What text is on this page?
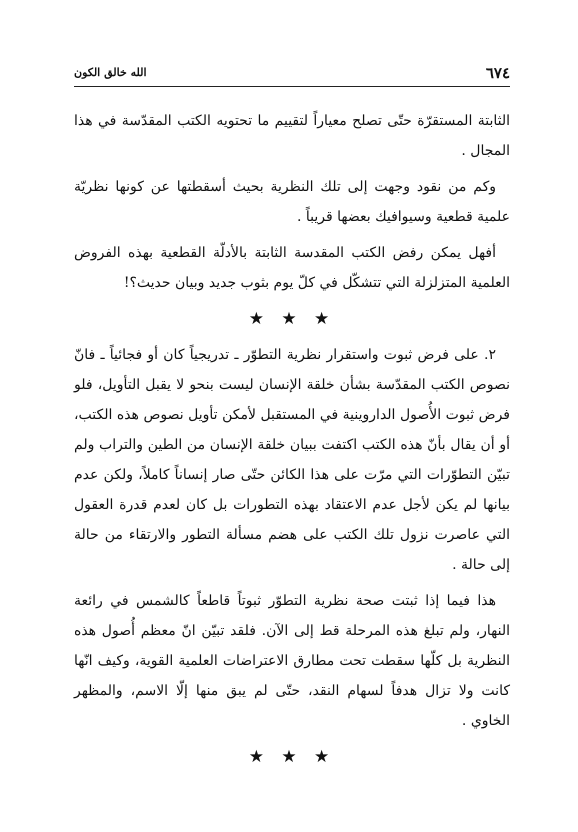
٦٧٤
الله خالق الكون

الثابتة المستقرّة حتّى تصلح معياراً لتقييم ما تحتويه الكتب المقدّسة في هذا المجال .

وكم من نقود وجهت إلى تلك النظرية بحيث أسقطتها عن كونها نظريّة علمية قطعية وسيوافيك بعضها قريباً .

أفهل يمكن رفض الكتب المقدسة الثابتة بالأدلّة القطعية بهذه الفروض العلمية المتزلزلة التي تتشكّل في كلّ يوم بثوب جديد وبيان حديث؟!

★ ★ ★

٢. على فرض ثبوت واستقرار نظرية التطوّر ـ تدريجياً كان أو فجائياً ـ فانّ نصوص الكتب المقدّسة بشأن خلقة الإنسان ليست بنحو لا يقبل التأويل، فلو فرض ثبوت الأُصول الداروينية في المستقبل لأمكن تأويل نصوص هذه الكتب، أو أن يقال بأنّ هذه الكتب اكتفت ببيان خلقة الإنسان من الطين والتراب ولم تبيّن التطوّرات التي مرّت على هذا الكائن حتّى صار إنساناً كاملاً، ولكن عدم بيانها لم يكن لأجل عدم الاعتقاد بهذه التطورات بل كان لعدم قدرة العقول التي عاصرت نزول تلك الكتب على هضم مسألة التطور والارتقاء من حالة إلى حالة .

هذا فيما إذا ثبتت صحة نظرية التطوّر ثبوتاً قاطعاً كالشمس في رائعة النهار، ولم تبلغ هذه المرحلة قط إلى الآن. فلقد تبيّن انّ معظم أُصول هذه النظرية بل كلّها سقطت تحت مطارق الاعتراضات العلمية القوية، وكيف انّها كانت ولا تزال هدفاً لسهام النقد، حتّى لم يبق منها إلّا الاسم، والمظهر الخاوي .

★ ★ ★
